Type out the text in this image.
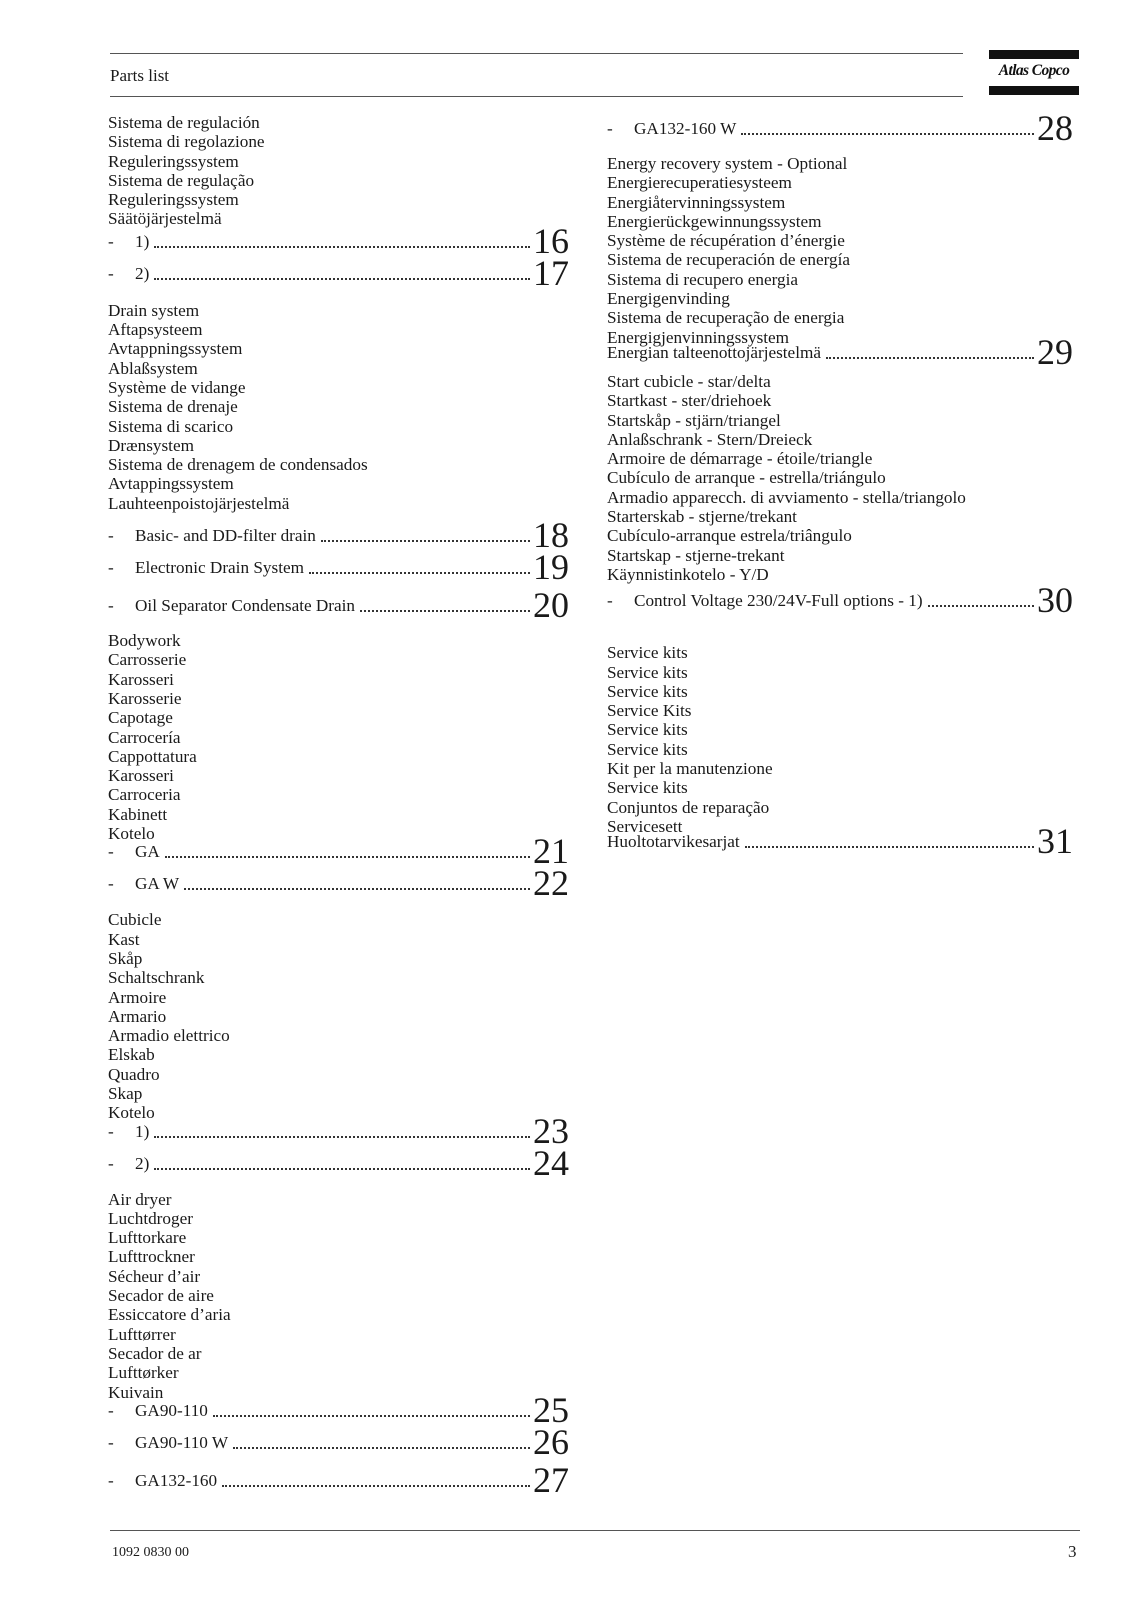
Parts list	Atlas Copco
Sistema de regulación
Sistema di regolazione
Reguleringssystem
Sistema de regulação
Reguleringssystem
Säätöjärjestelmä
-	1)	16
-	2)	17
Drain system
Aftapsysteem
Avtappningssystem
Ablaßsystem
Système de vidange
Sistema de drenaje
Sistema di scarico
Drænsystem
Sistema de drenagem de condensados
Avtappingssystem
Lauhteenpoistojärjestelmä
-	Basic- and DD-filter drain	18
-	Electronic Drain System	19
-	Oil Separator Condensate Drain	20
Bodywork
Carrosserie
Karosseri
Karosserie
Capotage
Carrocería
Cappottatura
Karosseri
Carroceria
Kabinett
Kotelo
-	GA	21
-	GA W	22
Cubicle
Kast
Skåp
Schaltschrank
Armoire
Armario
Armadio elettrico
Elskab
Quadro
Skap
Kotelo
-	1)	23
-	2)	24
Air dryer
Luchtdroger
Lufttorkare
Lufttrockner
Sécheur d’air
Secador de aire
Essiccatore d’aria
Lufttørrer
Secador de ar
Lufttørker
Kuivain
-	GA90-110	25
-	GA90-110 W	26
-	GA132-160	27
-	GA132-160 W	28
Energy recovery system - Optional
Energierecuperatiesysteem
Energiåtervinningssystem
Energierückgewinnungssystem
Système de récupération d’énergie
Sistema de recuperación de energía
Sistema di recupero energia
Energigenvinding
Sistema de recuperação de energia
Energigjenvinningssystem
Energian talteenottojärjestelmä	29
Start cubicle - star/delta
Startkast - ster/driehoek
Startskåp - stjärn/triangel
Anlaßschrank - Stern/Dreieck
Armoire de démarrage - étoile/triangle
Cubículo de arranque - estrella/triángulo
Armadio apparecch. di avviamento - stella/triangolo
Starterskab - stjerne/trekant
Cubículo-arranque estrela/triângulo
Startskap - stjerne-trekant
Käynnistinkotelo - Y/D
-	Control Voltage 230/24V-Full options - 1)	30
Service kits
Service kits
Service kits
Service Kits
Service kits
Service kits
Kit per la manutenzione
Service kits
Conjuntos de reparação
Servicesett
Huoltotarvikesarjat	31
1092 0830 00	3
